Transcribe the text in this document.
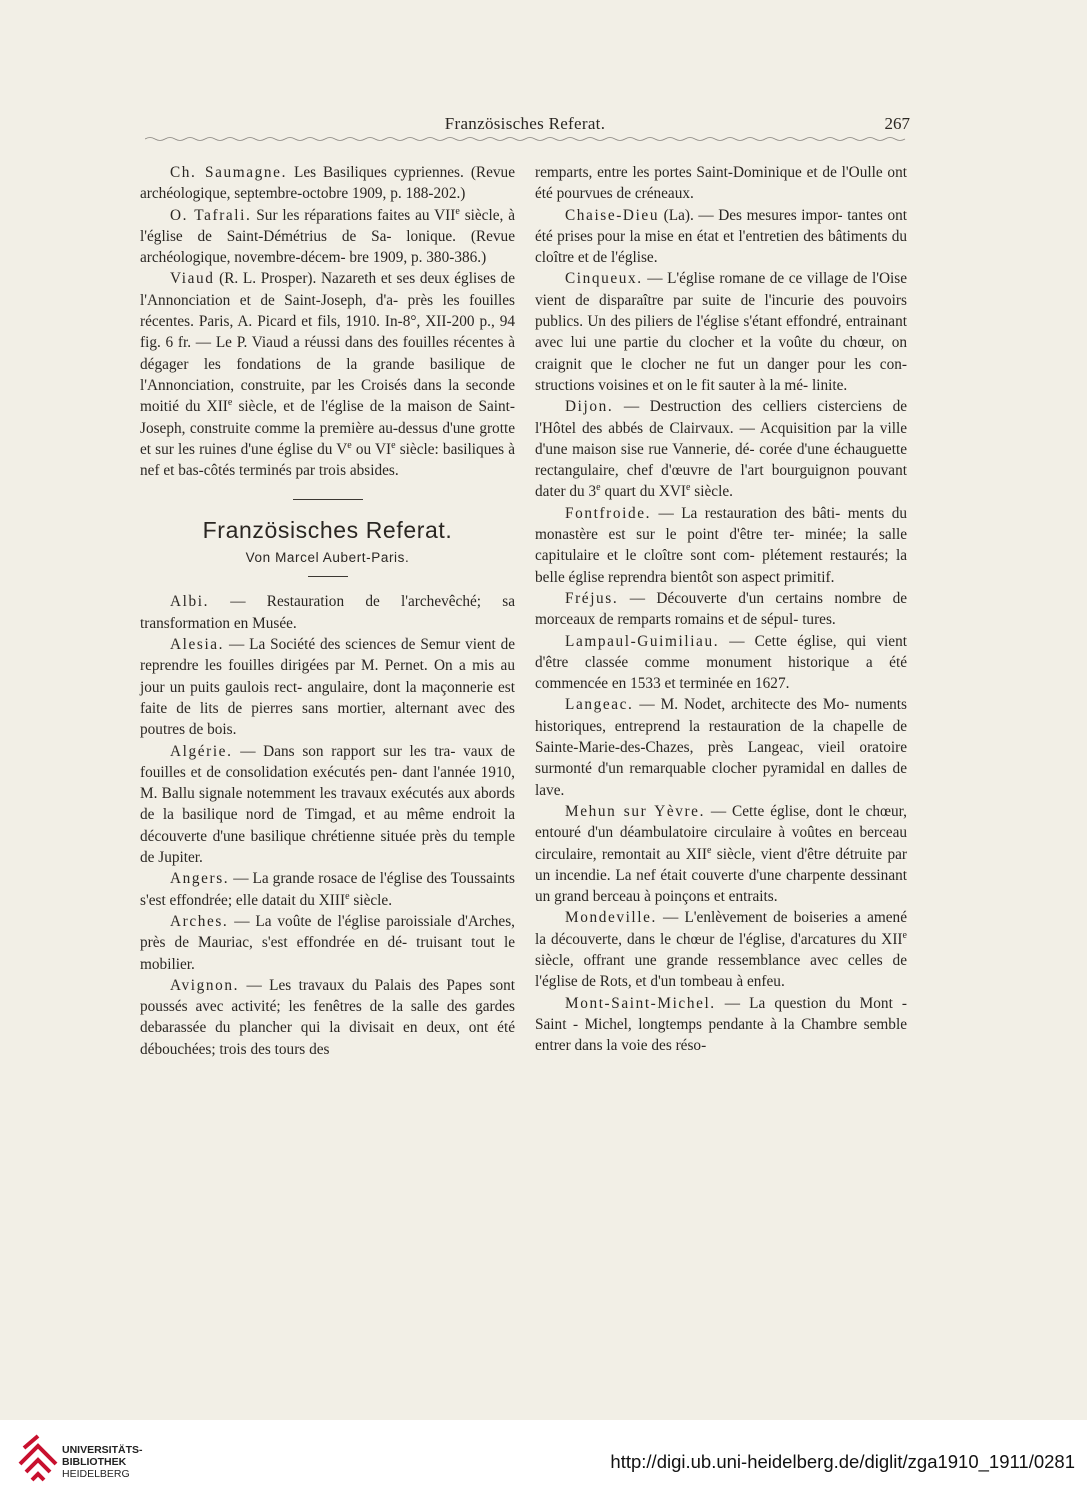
Französisches Referat.	267

Ch. Saumagne. Les Basiliques cypriennes. (Revue archéologique, septembre-octobre 1909, p. 188-202.)

O. Tafrali. Sur les réparations faites au VIIe siècle, à l'église de Saint-Démétrius de Sa- lonique. (Revue archéologique, novembre-décem- bre 1909, p. 380-386.)

Viaud (R. L. Prosper). Nazareth et ses deux églises de l'Annonciation et de Saint-Joseph, d'a- près les fouilles récentes. Paris, A. Picard et fils, 1910. In-8°, XII-200 p., 94 fig. 6 fr. — Le P. Viaud a réussi dans des fouilles récentes à dégager les fondations de la grande basilique de l'Annonciation, construite, par les Croisés dans la seconde moitié du XIIe siècle, et de l'église de la maison de Saint-Joseph, construite comme la première au-dessus d'une grotte et sur les ruines d'une église du Ve ou VIe siècle: basiliques à nef et bas-côtés terminés par trois absides.

Französisches Referat.
Von Marcel Aubert-Paris.

Albi. — Restauration de l'archevêché; sa transformation en Musée.

Alesia. — La Société des sciences de Semur vient de reprendre les fouilles dirigées par M. Pernet. On a mis au jour un puits gaulois rect- angulaire, dont la maçonnerie est faite de lits de pierres sans mortier, alternant avec des poutres de bois.

Algérie. — Dans son rapport sur les tra- vaux de fouilles et de consolidation exécutés pen- dant l'année 1910, M. Ballu signale notemment les travaux exécutés aux abords de la basilique nord de Timgad, et au même endroit la découverte d'une basilique chrétienne située près du temple de Jupiter.

Angers. — La grande rosace de l'église des Toussaints s'est effondrée; elle datait du XIIIe siècle.

Arches. — La voûte de l'église paroissiale d'Arches, près de Mauriac, s'est effondrée en dé- truisant tout le mobilier.

Avignon. — Les travaux du Palais des Papes sont poussés avec activité; les fenêtres de la salle des gardes debarassée du plancher qui la divisait en deux, ont été débouchées; trois des tours des

remparts, entre les portes Saint-Dominique et de l'Oulle ont été pourvues de créneaux.

Chaise-Dieu (La). — Des mesures impor- tantes ont été prises pour la mise en état et l'entretien des bâtiments du cloître et de l'église.

Cinqueux. — L'église romane de ce village de l'Oise vient de disparaître par suite de l'incurie des pouvoirs publics. Un des piliers de l'église s'étant effondré, entrainant avec lui une partie du clocher et la voûte du chœur, on craignit que le clocher ne fut un danger pour les con- structions voisines et on le fit sauter à la mé- linite.

Dijon. — Destruction des celliers cisterciens de l'Hôtel des abbés de Clairvaux. — Acquisition par la ville d'une maison sise rue Vannerie, dé- corée d'une échauguette rectangulaire, chef d'œuvre de l'art bourguignon pouvant dater du 3e quart du XVIe siècle.

Fontfroide. — La restauration des bâti- ments du monastère est sur le point d'être ter- minée; la salle capitulaire et le cloître sont com- plétement restaurés; la belle église reprendra bientôt son aspect primitif.

Fréjus. — Découverte d'un certains nombre de morceaux de remparts romains et de sépul- tures.

Lampaul-Guimiliau. — Cette église, qui vient d'être classée comme monument historique a été commencée en 1533 et terminée en 1627.

Langeac. — M. Nodet, architecte des Mo- numents historiques, entreprend la restauration de la chapelle de Sainte-Marie-des-Chazes, près Langeac, vieil oratoire surmonté d'un remarquable clocher pyramidal en dalles de lave.

Mehun sur Yèvre. — Cette église, dont le chœur, entouré d'un déambulatoire circulaire à voûtes en berceau circulaire, remontait au XIIe siècle, vient d'être détruite par un incendie. La nef était couverte d'une charpente dessinant un grand berceau à poinçons et entraits.

Mondeville. — L'enlèvement de boiseries a amené la découverte, dans le chœur de l'église, d'arcatures du XIIe siècle, offrant une grande ressemblance avec celles de l'église de Rots, et d'un tombeau à enfeu.

Mont-Saint-Michel. — La question du Mont - Saint - Michel, longtemps pendante à la Chambre semble entrer dans la voie des réso-

UNIVERSITÄTS-
BIBLIOTHEK
HEIDELBERG
http://digi.ub.uni-heidelberg.de/diglit/zga1910_1911/0281
